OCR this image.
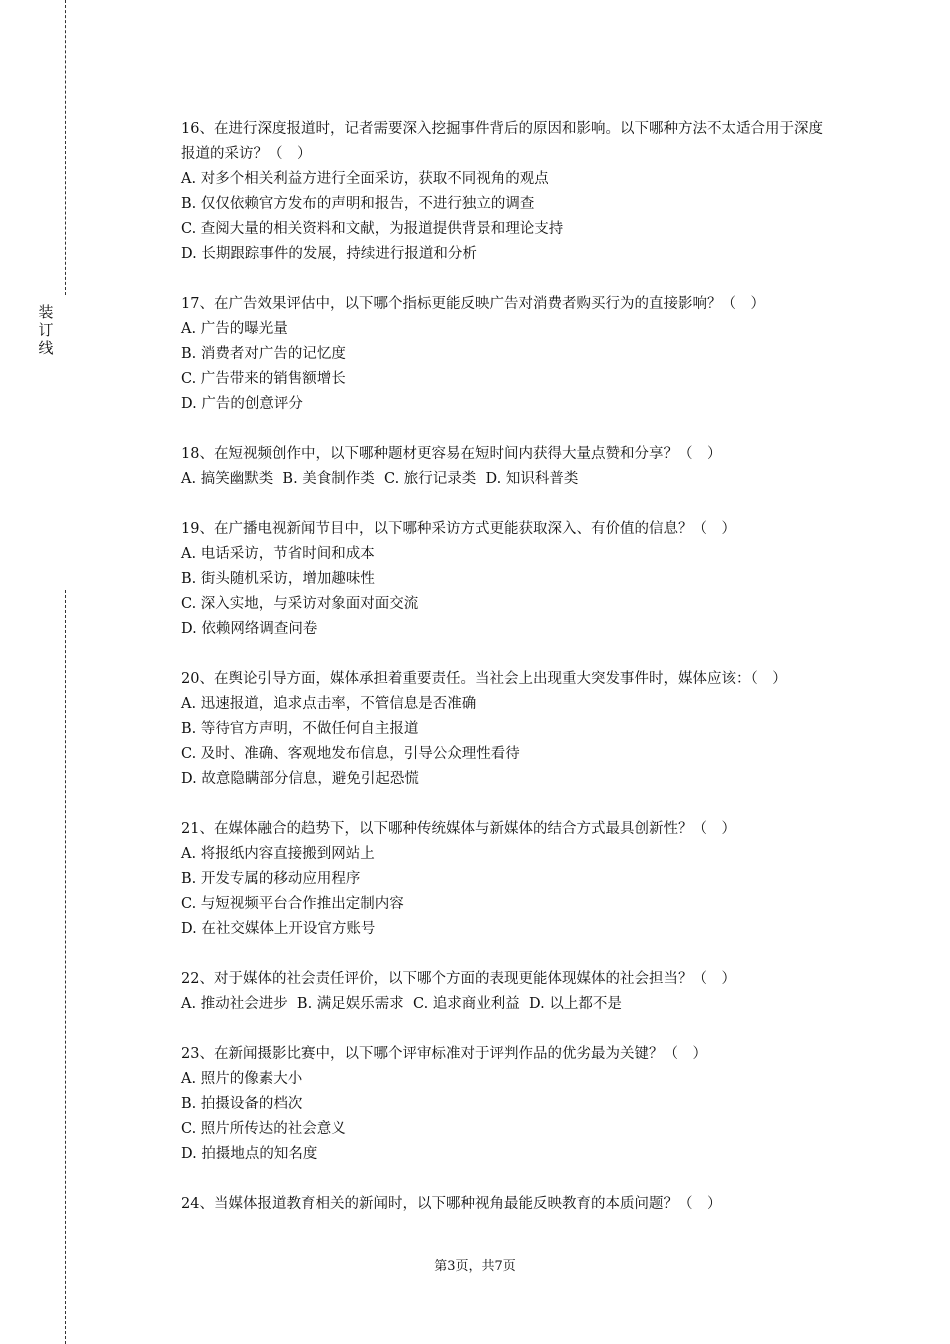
装
订
线
16、在进行深度报道时，记者需要深入挖掘事件背后的原因和影响。以下哪种方法不太适合用于深度报道的采访？（　）
A. 对多个相关利益方进行全面采访，获取不同视角的观点
B. 仅仅依赖官方发布的声明和报告，不进行独立的调查
C. 查阅大量的相关资料和文献，为报道提供背景和理论支持
D. 长期跟踪事件的发展，持续进行报道和分析
17、在广告效果评估中，以下哪个指标更能反映广告对消费者购买行为的直接影响？（　）
A. 广告的曝光量
B. 消费者对广告的记忆度
C. 广告带来的销售额增长
D. 广告的创意评分
18、在短视频创作中，以下哪种题材更容易在短时间内获得大量点赞和分享？（　）
A. 搞笑幽默类  B. 美食制作类  C. 旅行记录类  D. 知识科普类
19、在广播电视新闻节目中，以下哪种采访方式更能获取深入、有价值的信息？（　）
A. 电话采访，节省时间和成本
B. 街头随机采访，增加趣味性
C. 深入实地，与采访对象面对面交流
D. 依赖网络调查问卷
20、在舆论引导方面，媒体承担着重要责任。当社会上出现重大突发事件时，媒体应该：（　）
A. 迅速报道，追求点击率，不管信息是否准确
B. 等待官方声明，不做任何自主报道
C. 及时、准确、客观地发布信息，引导公众理性看待
D. 故意隐瞒部分信息，避免引起恐慌
21、在媒体融合的趋势下，以下哪种传统媒体与新媒体的结合方式最具创新性？（　）
A. 将报纸内容直接搬到网站上
B. 开发专属的移动应用程序
C. 与短视频平台合作推出定制内容
D. 在社交媒体上开设官方账号
22、对于媒体的社会责任评价，以下哪个方面的表现更能体现媒体的社会担当？（　）
A. 推动社会进步  B. 满足娱乐需求  C. 追求商业利益  D. 以上都不是
23、在新闻摄影比赛中，以下哪个评审标准对于评判作品的优劣最为关键？（　）
A. 照片的像素大小
B. 拍摄设备的档次
C. 照片所传达的社会意义
D. 拍摄地点的知名度
24、当媒体报道教育相关的新闻时，以下哪种视角最能反映教育的本质问题？（　）
第3页，共7页
